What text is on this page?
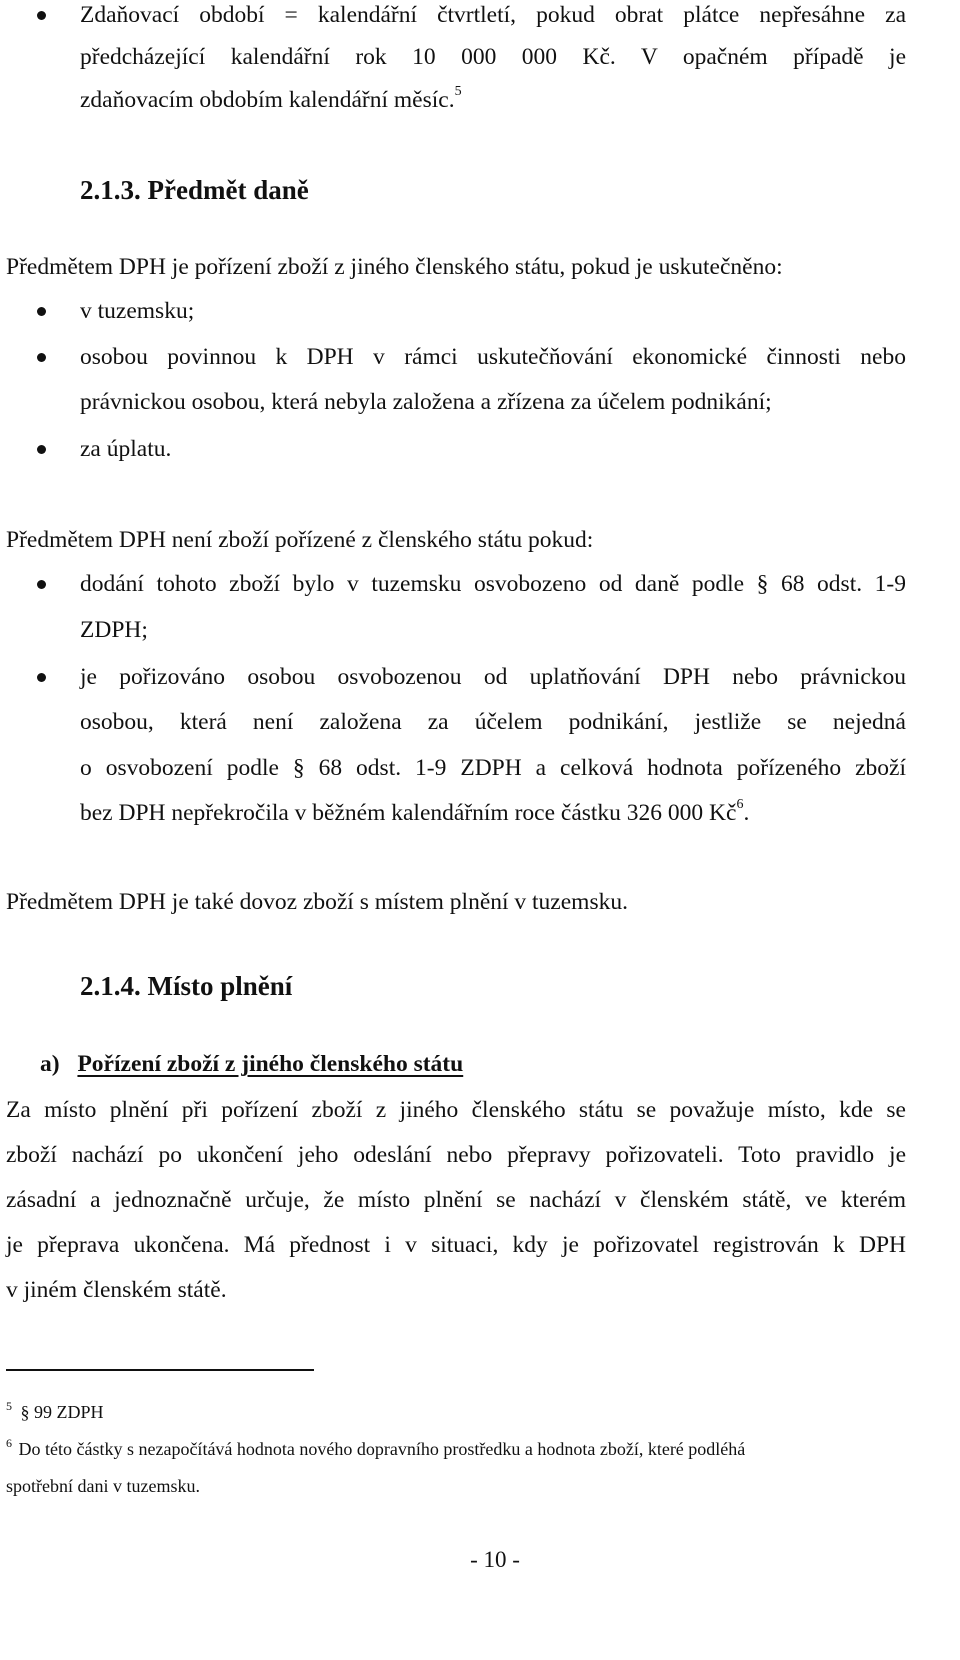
Zdaňovací období = kalendářní čtvrtletí, pokud obrat plátce nepřesáhne za
předcházející kalendářní rok 10 000 000 Kč. V opačném případě je
zdaňovacím obdobím kalendářní měsíc.$^5$
2.1.3. Předmět daně
Předmětem DPH je pořízení zboží z jiného členského státu, pokud je uskutečněno:
v tuzemsku;
osobou povinnou k DPH v rámci uskutečňování ekonomické činnosti nebo
právnickou osobou, která nebyla založena a zřízena za účelem podnikání;
za úplatu.
Předmětem DPH není zboží pořízené z členského státu pokud:
dodání tohoto zboží bylo v tuzemsku osvobozeno od daně podle § 68 odst. 1-9
ZDPH;
je pořizováno osobou osvobozenou od uplatňování DPH nebo právnickou
osobou, která není založena za účelem podnikání, jestliže se nejedná
o osvobození podle § 68 odst. 1-9 ZDPH a celková hodnota pořízeného zboží
bez DPH nepřekročila v běžném kalendářním roce částku 326 000 $Kč^6$.
Předmětem DPH je také dovoz zboží s místem plnění v tuzemsku.
2.1.4. Místo plnění
a) Pořízení zboží z jiného členského státu
Za místo plnění při pořízení zboží z jiného členského státu se považuje místo, kde se
zboží nachází po ukončení jeho odeslání nebo přepravy pořizovateli. Toto pravidlo je
zásadní a jednoznačně určuje, že místo plnění se nachází v členském státě, ve kterém
je přeprava ukončena. Má přednost i v situaci, kdy je pořizovatel registrován k DPH
v jiném členském státě.
$^5$ § 99 ZDPH
$^6$ Do této částky s nezapočítává hodnota nového dopravního prostředku a hodnota zboží, které podléhá
spotřební dani v tuzemsku.
- 10 -
